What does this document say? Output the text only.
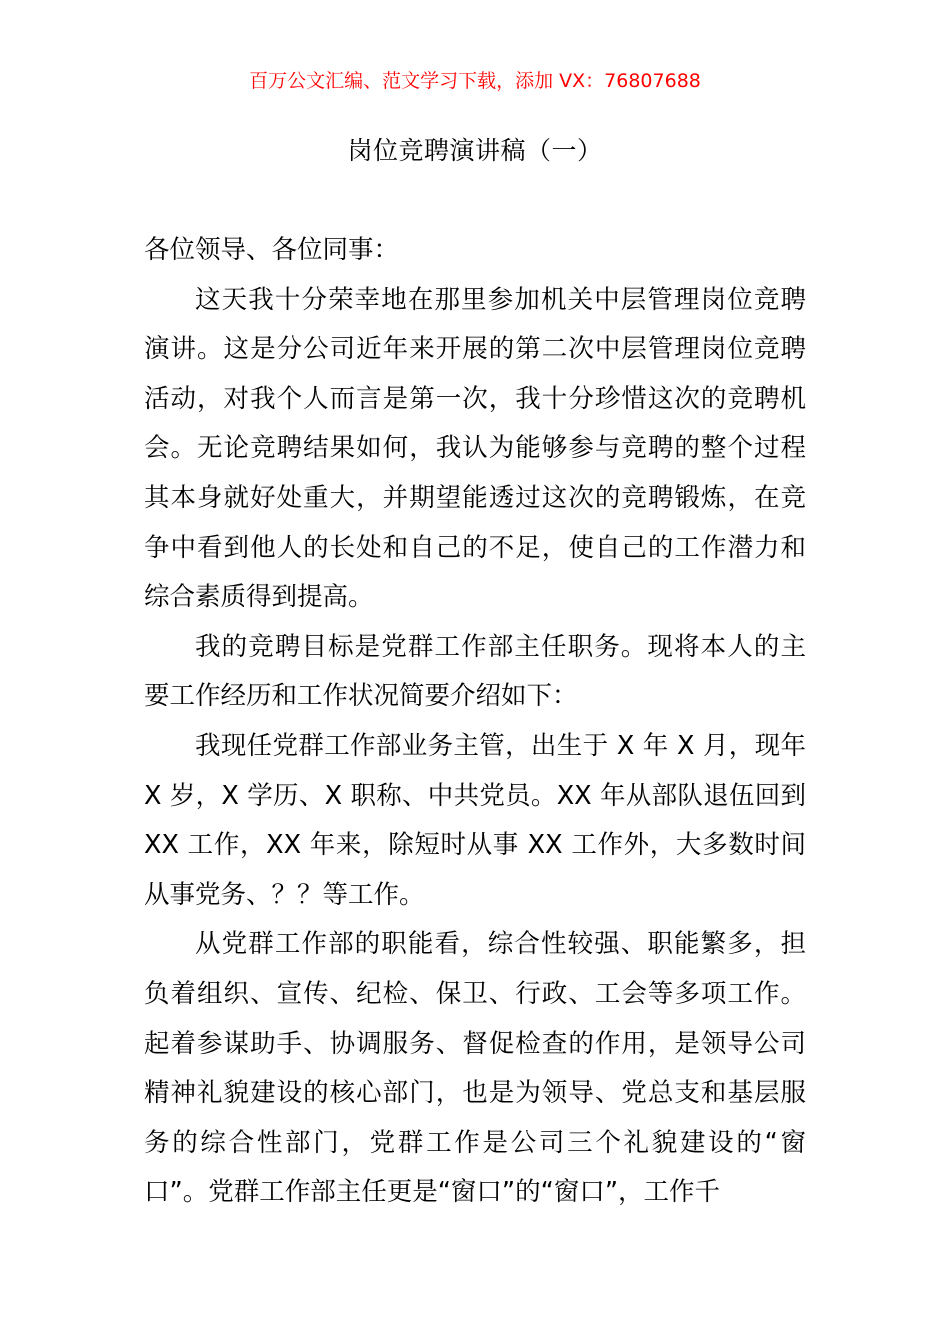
百万公文汇编、范文学习下载，添加 VX：76807688
岗位竞聘演讲稿（一）

各位领导、各位同事：

这天我十分荣幸地在那里参加机关中层管理岗位竞聘演讲。这是分公司近年来开展的第二次中层管理岗位竞聘活动，对我个人而言是第一次，我十分珍惜这次的竞聘机会。无论竞聘结果如何，我认为能够参与竞聘的整个过程其本身就好处重大，并期望能透过这次的竞聘锻炼，在竞争中看到他人的长处和自己的不足，使自己的工作潜力和综合素质得到提高。

我的竞聘目标是党群工作部主任职务。现将本人的主要工作经历和工作状况简要介绍如下：

我现任党群工作部业务主管，出生于 X 年 X 月，现年 X 岁，X 学历、X 职称、中共党员。XX 年从部队退伍回到 XX 工作，XX 年来，除短时从事 XX 工作外，大多数时间从事党务、？？等工作。

从党群工作部的职能看，综合性较强、职能繁多，担负着组织、宣传、纪检、保卫、行政、工会等多项工作。起着参谋助手、协调服务、督促检查的作用，是领导公司精神礼貌建设的核心部门，也是为领导、党总支和基层服务的综合性部门，党群工作是公司三个礼貌建设的“窗口”。党群工作部主任更是“窗口”的“窗口”，工作千
